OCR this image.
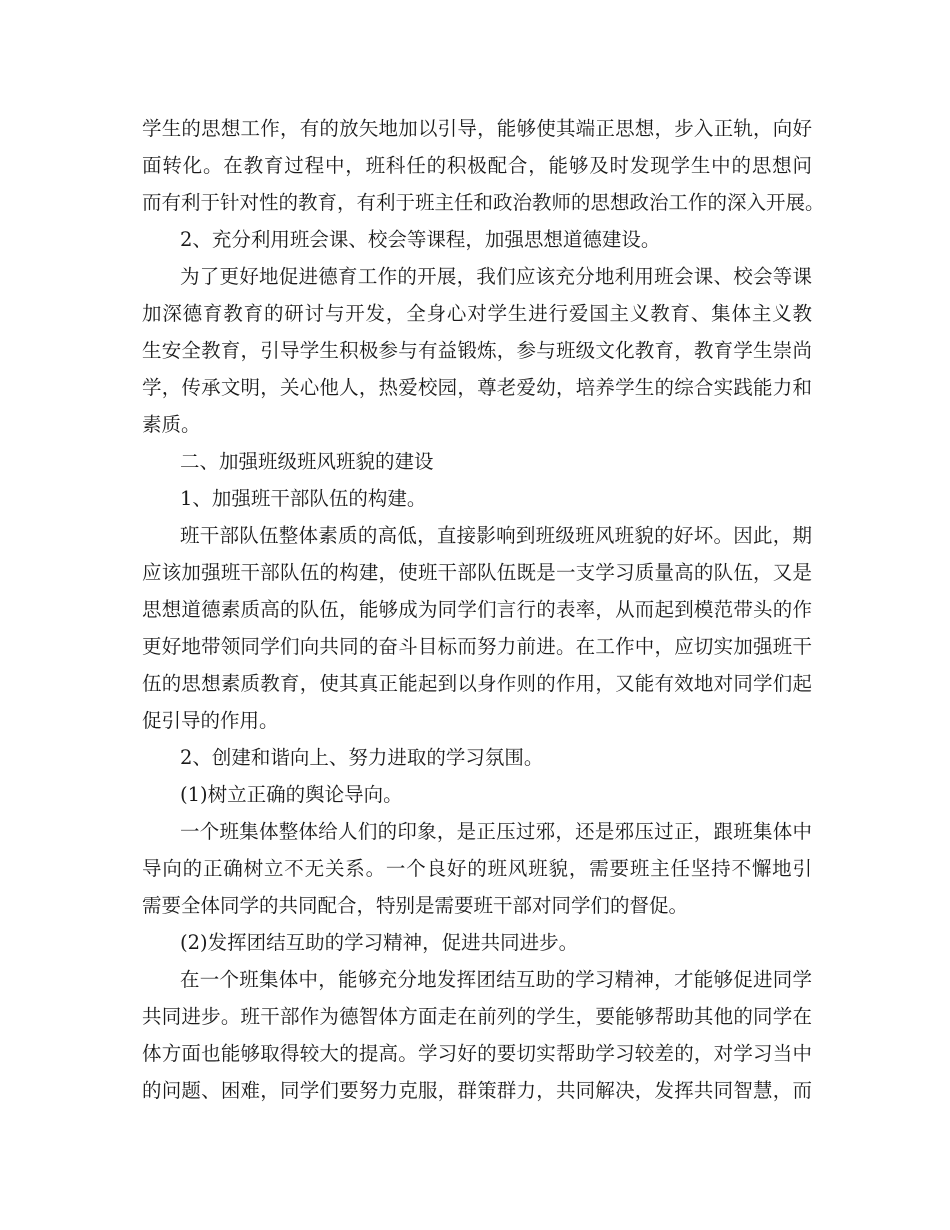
学生的思想工作，有的放矢地加以引导，能够使其端正思想，步入正轨，向好
面转化。在教育过程中，班科任的积极配合，能够及时发现学生中的思想问
而有利于针对性的教育，有利于班主任和政治教师的思想政治工作的深入开展。
2、充分利用班会课、校会等课程，加强思想道德建设。
为了更好地促进德育工作的开展，我们应该充分地利用班会课、校会等课
加深德育教育的研讨与开发，全身心对学生进行爱国主义教育、集体主义教
生安全教育，引导学生积极参与有益锻炼，参与班级文化教育，教育学生崇尚
学，传承文明，关心他人，热爱校园，尊老爱幼，培养学生的综合实践能力和
素质。
二、加强班级班风班貌的建设
1、加强班干部队伍的构建。
班干部队伍整体素质的高低，直接影响到班级班风班貌的好坏。因此，期
应该加强班干部队伍的构建，使班干部队伍既是一支学习质量高的队伍，又是
思想道德素质高的队伍，能够成为同学们言行的表率，从而起到模范带头的作
更好地带领同学们向共同的奋斗目标而努力前进。在工作中，应切实加强班干
伍的思想素质教育，使其真正能起到以身作则的作用，又能有效地对同学们起
促引导的作用。
2、创建和谐向上、努力进取的学习氛围。
(1)树立正确的舆论导向。
一个班集体整体给人们的印象，是正压过邪，还是邪压过正，跟班集体中
导向的正确树立不无关系。一个良好的班风班貌，需要班主任坚持不懈地引
需要全体同学的共同配合，特别是需要班干部对同学们的督促。
(2)发挥团结互助的学习精神，促进共同进步。
在一个班集体中，能够充分地发挥团结互助的学习精神，才能够促进同学
共同进步。班干部作为德智体方面走在前列的学生，要能够帮助其他的同学在
体方面也能够取得较大的提高。学习好的要切实帮助学习较差的，对学习当中
的问题、困难，同学们要努力克服，群策群力，共同解决，发挥共同智慧，而
